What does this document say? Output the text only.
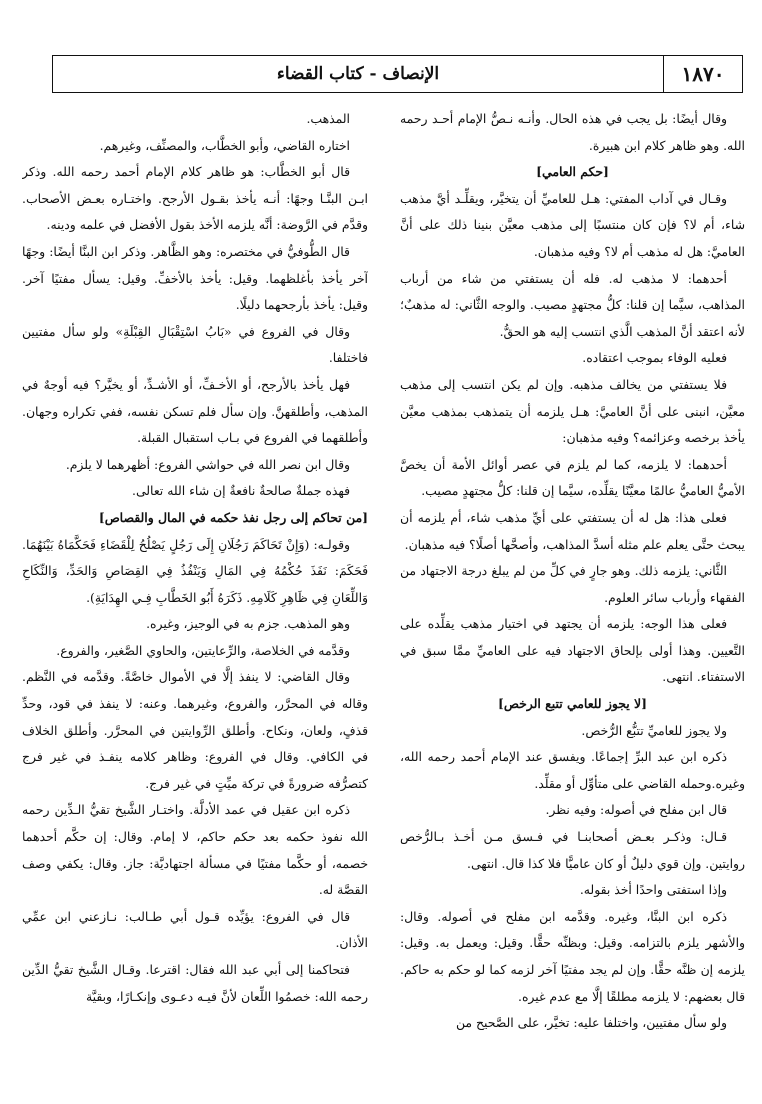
١٨٧٠
الإنصاف - كتاب القضاء

وقال أيضًا: بل يجب في هذه الحال. وأنـه نـصُّ الإمام أحـد رحمه الله. وهو ظاهر كلام ابن هبيرة.

[حكم العامي]

وقـال في آداب المفتي: هـل للعاميِّ أن يتخيَّر، ويقلِّـد أيَّ مذهب شاء، أم لا؟ فإن كان منتسبًا إلى مذهب معيَّن بنينا ذلك على أنَّ العاميَّ: هل له مذهب أم لا؟ وفيه مذهبان.

أحدهما: لا مذهب له. فله أن يستفتي من شاء من أرباب المذاهب، سيَّما إن قلنا: كلُّ مجتهدٍ مصيب. والوجه الثَّاني: له مذهبٌ؛ لأنه اعتقد أنَّ المذهب الَّذي انتسب إليه هو الحقُّ.

فعليه الوفاء بموجب اعتقاده.

فلا يستفتي من يخالف مذهبه. وإن لم يكن انتسب إلى مذهب معيَّن، انبنى على أنَّ العاميَّ: هـل يلزمه أن يتمذهب بمذهب معيَّن يأخذ برخصه وعزائمه؟ وفيه مذهبان:

أحدهما: لا يلزمه، كما لم يلزم في عصر أوائل الأمة أن يخصَّ الأميُّ العاميُّ عالمًا معيَّنًا يقلِّده، سيَّما إن قلنا: كلُّ مجتهدٍ مصيب.

فعلى هذا: هل له أن يستفتي على أيِّ مذهب شاء، أم يلزمه أن يبحث حتَّى يعلم علم مثله أسدَّ المذاهب، وأصحَّها أصلًا؟ فيه مذهبان.

الثَّاني: يلزمه ذلك. وهو جارٍ في كلِّ من لم يبلغ درجة الاجتهاد من الفقهاء وأرباب سائر العلوم.

فعلى هذا الوجه: يلزمه أن يجتهد في اختيار مذهب يقلِّده على التَّعيين. وهذا أولى بإلحاق الاجتهاد فيه على العاميِّ ممَّا سبق في الاستفتاء. انتهى.

[لا يجوز للعامي تتبع الرخص]

ولا يجوز للعاميِّ تتبُّع الرُّخص.

ذكره ابن عبد البرِّ إجماعًا. ويفسق عند الإمام أحمد رحمه الله، وغيره.وحمله القاضي على متأوِّل أو مقلِّد.

قال ابن مفلح في أصوله: وفيه نظر.

قـال: وذكـر بعـض أصحابنـا في فـسق مـن أخـذ بـالرُّخص روايتين. وإن قوي دليلٌ أو كان عاميًّا فلا كذا قال. انتهى.

وإذا استفتى واحدًا أخذ بقوله.

ذكره ابن البنَّا، وغيره. وقدَّمه ابن مفلح في أصوله. وقال: والأشهر يلزم بالتزامه. وقيل: وبظنِّه حقًّا. وقيل: ويعمل به. وقيل: يلزمه إن ظنَّه حقًّا. وإن لم يجد مفتيًا آخر لزمه كما لو حكم به حاكم. قال بعضهم: لا يلزمه مطلقًا إلَّا مع عدم غيره.

ولو سأل مفتيين، واختلفا عليه: تخيَّر، على الصَّحيح من

المذهب.

اختاره القاضي، وأبو الخطَّاب، والمصنِّف، وغيرهم.

قال أبو الخطَّاب: هو ظاهر كلام الإمام أحمد رحمه الله. وذكر ابـن البنَّـا وجهًا: أنـه يأخذ بقـول الأرجح. واختـاره بعـض الأصحاب. وقدَّم في الرَّوضة: أنَّه يلزمه الأخذ بقول الأفضل في علمه ودينه.

قال الطُّوفيُّ في مختصره: وهو الظَّاهر. وذكر ابن البنَّا أيضًا: وجهًا آخر يأخذ بأغلظهما. وقيل: يأخذ بالأخفِّ. وقيل: يسأل مفتيًا آخر. وقيل: يأخذ بأرجحهما دليلًا.

وقال في الفروع في «بَابُ اسْتِقْبَالِ القِبْلَةِ» ولو سأل مفتيين فاختلفا.

فهل يأخذ بالأرجح، أو الأخـفِّ، أو الأشـدِّ، أو يخيَّر؟ فيه أوجهٌ في المذهب، وأطلقهنَّ. وإن سأل فلم تسكن نفسه، ففي تكراره وجهان. وأطلقهما في الفروع في بـاب استقبال القبلة.

وقال ابن نصر الله في حواشي الفروع: أظهرهما لا يلزم.

فهذه جملةٌ صالحةٌ نافعةٌ إن شاء الله تعالى.

[من تحاكم إلى رجل نفذ حكمه في المال والقصاص]

وقولـه: (وَإِنْ تَحَاكَمَ رَجُلَانِ إِلَى رَجُلٍ يَصْلُحُ لِلْقَضَاءِ فَحَكَّمَاهُ بَيْنَهُمَا. فَحَكَمَ: نَفَذَ حُكْمُهُ فِي المَالِ وَيَنْفُذُ فِي القِصَاصِ وَالحَدِّ، وَالنِّكَاحِ وَاللِّعَانِ فِي ظَاهِرِ كَلَامِهِ. ذَكَرَهُ أَبُو الخَطَّابِ فِـي الهِدَايَةِ).

وهو المذهب. جزم به في الوجيز، وغيره.

وقدَّمه في الخلاصة، والرِّعايتين، والحاوي الصَّغير، والفروع.

وقال القاضي: لا ينفذ إلَّا في الأموال خاصَّةً. وقدَّمه في النَّظم. وقاله في المحرَّر، والفروع، وغيرهما. وعنه: لا ينفذ في قود، وحدِّ قذفٍ، ولعان، ونكاح. وأطلق الرِّوايتين في المحرَّر. وأطلق الخلاف في الكافي. وقال في الفروع: وظاهر كلامه ينفـذ في غير فرج كتصرُّفه ضرورةً في تركة ميِّتٍ في غير فرج.

ذكره ابن عقيل في عمد الأدلَّة. واختـار الشَّيخ تقيُّ الـدِّين رحمه الله نفوذ حكمه بعد حكم حاكم، لا إمام. وقال: إن حكَّم أحدهما خصمه، أو حكَّما مفتيًا في مسألة اجتهاديَّة: جاز. وقال: يكفي وصف القصَّة له.

قال في الفروع: يؤيِّده قـول أبي طـالب: نـازعني ابن عمِّي الأذان.

فتحاكمنا إلى أبي عبد الله فقال: اقترعا. وقـال الشَّيخ تقيُّ الدِّين رحمه الله: خصمُوا اللِّعان لأنَّ فيـه دعـوى وإنكـارًا، وبقيَّة
